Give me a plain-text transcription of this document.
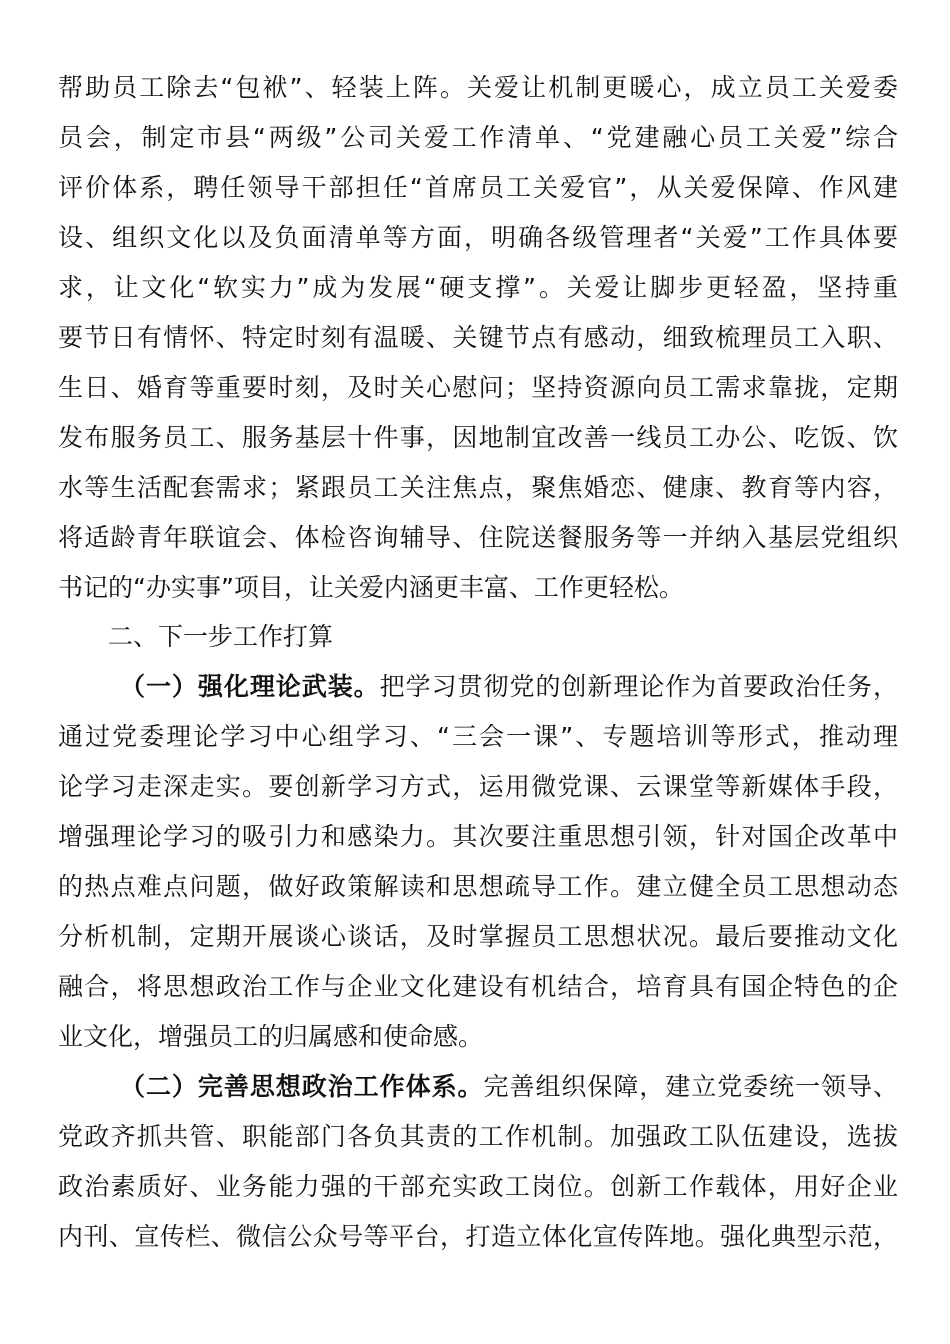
帮助员工除去“包袱”、轻装上阵。关爱让机制更暖心，成立员工关爱委
员会，制定市县“两级”公司关爱工作清单、“党建融心员工关爱”综合
评价体系，聘任领导干部担任“首席员工关爱官”，从关爱保障、作风建
设、组织文化以及负面清单等方面，明确各级管理者“关爱”工作具体要
求，让文化“软实力”成为发展“硬支撑”。关爱让脚步更轻盈，坚持重
要节日有情怀、特定时刻有温暖、关键节点有感动，细致梳理员工入职、
生日、婚育等重要时刻，及时关心慰问；坚持资源向员工需求靠拢，定期
发布服务员工、服务基层十件事，因地制宜改善一线员工办公、吃饭、饮
水等生活配套需求；紧跟员工关注焦点，聚焦婚恋、健康、教育等内容，
将适龄青年联谊会、体检咨询辅导、住院送餐服务等一并纳入基层党组织
书记的“办实事”项目，让关爱内涵更丰富、工作更轻松。
二、下一步工作打算
（一）强化理论武装。把学习贯彻党的创新理论作为首要政治任务，
通过党委理论学习中心组学习、“三会一课”、专题培训等形式，推动理
论学习走深走实。要创新学习方式，运用微党课、云课堂等新媒体手段，
增强理论学习的吸引力和感染力。其次要注重思想引领，针对国企改革中
的热点难点问题，做好政策解读和思想疏导工作。建立健全员工思想动态
分析机制，定期开展谈心谈话，及时掌握员工思想状况。最后要推动文化
融合，将思想政治工作与企业文化建设有机结合，培育具有国企特色的企
业文化，增强员工的归属感和使命感。
（二）完善思想政治工作体系。完善组织保障，建立党委统一领导、
党政齐抓共管、职能部门各负其责的工作机制。加强政工队伍建设，选拔
政治素质好、业务能力强的干部充实政工岗位。创新工作载体，用好企业
内刊、宣传栏、微信公众号等平台，打造立体化宣传阵地。强化典型示范，
